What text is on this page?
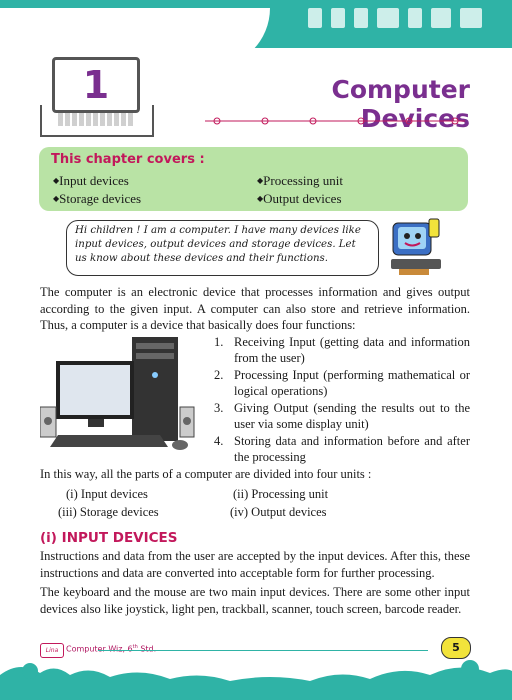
1	Computer Devices
This chapter covers :
◆ Input devices
◆ Storage devices
◆ Processing unit
◆ Output devices
Hi children ! I am a computer. I have many devices like input devices, output devices and storage devices. Let us know about these devices and their functions.
The computer is an electronic device that processes information and gives output according to the given input. A computer can also store and retrieve information. Thus, a computer is a device that basically does four functions:
1. Receiving Input (getting data and information from the user)
2. Processing Input (performing mathematical or logical operations)
3. Giving Output (sending the results out to the user via some display unit)
4. Storing data and information before and after the processing
In this way, all the parts of a computer are divided into four units :
(i) Input devices	(ii) Processing unit
(iii) Storage devices	(iv) Output devices
(i) INPUT DEVICES
Instructions and data from the user are accepted by the input devices. After this, these instructions and data are converted into acceptable form for further processing.
The keyboard and the mouse are two main input devices. There are some other input devices also like joystick, light pen, trackball, scanner, touch screen, barcode reader.
Lina Computer Wiz, 6th Std.	5
